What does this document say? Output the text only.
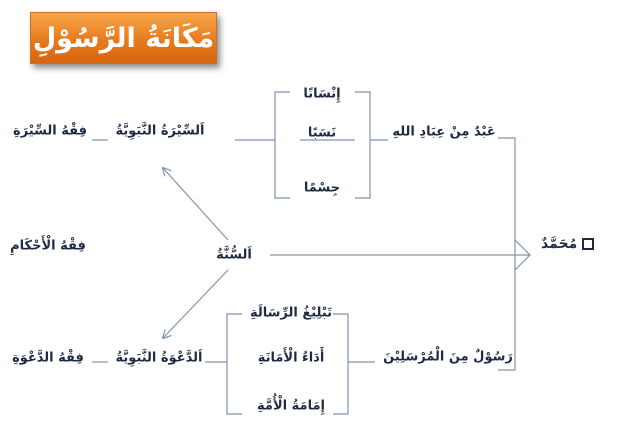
مَكَانَةُ الرَّسُوْلِ
مُحَمَّدٌ
عَبْدٌ مِنْ عِبَادِ اللهِ
إِنْسَانًا
نَسَبًا
جِسْمًا
رَسُوْلٌ مِنَ الْمُرْسَلِيْنَ
تَبْلِيْغُ الرِّسَالَةِ
أَدَاءُ الْأَمَانَةِ
إِمَامَةُ الْأُمَّةِ
اَلسُّنَّةُ
اَلسِّيْرَةُ النَّبَوِيَّةُ
اَلدَّعْوَةُ النَّبَوِيَّةُ
فِقْهُ السِّيْرَةِ
فِقْهُ الْأَحْكَامِ
فِقْهُ الدَّعْوَةِ
